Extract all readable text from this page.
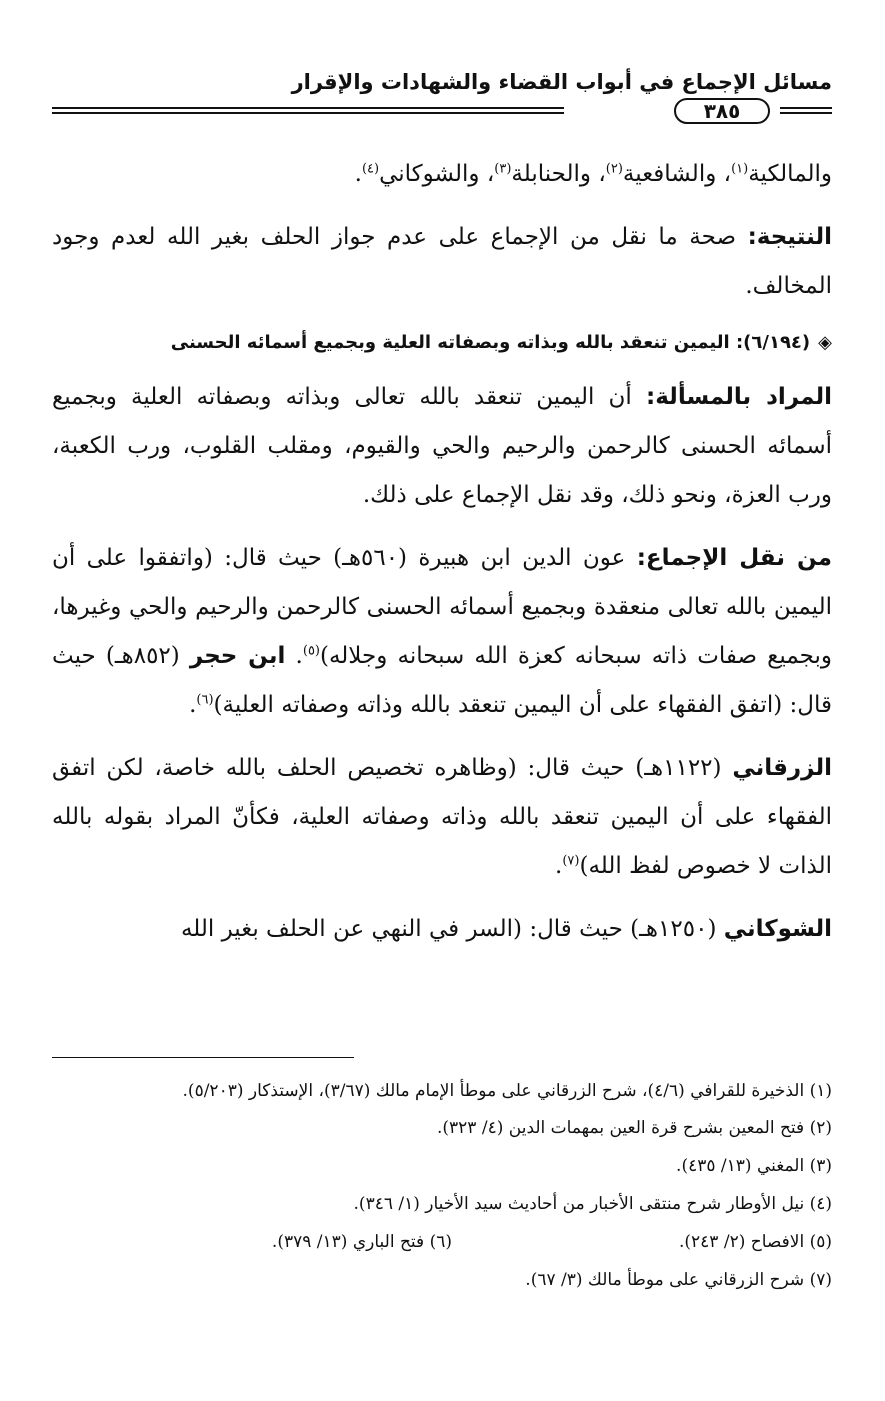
مسائل الإجماع في أبواب القضاء والشهادات والإقرار
٣٨٥

والمالكية$^{(١)}$، والشافعية$^{(٢)}$، والحنابلة$^{(٣)}$، والشوكاني$^{(٤)}$.

النتيجة: صحة ما نقل من الإجماع على عدم جواز الحلف بغير الله لعدم وجود المخالف.

◈(٦/١٩٤): اليمين تنعقد بالله وبذاته وبصفاته العلية وبجميع أسمائه الحسنى

المراد بالمسألة: أن اليمين تنعقد بالله تعالى وبذاته وبصفاته العلية وبجميع أسمائه الحسنى كالرحمن والرحيم والحي والقيوم، ومقلب القلوب، ورب الكعبة، ورب العزة، ونحو ذلك، وقد نقل الإجماع على ذلك.

من نقل الإجماع: عون الدين ابن هبيرة (٥٦٠هـ) حيث قال: (واتفقوا على أن اليمين بالله تعالى منعقدة وبجميع أسمائه الحسنى كالرحمن والرحيم والحي وغيرها، وبجميع صفات ذاته سبحانه كعزة الله سبحانه وجلاله)$^{(٥)}$. ابن حجر (٨٥٢هـ) حيث قال: (اتفق الفقهاء على أن اليمين تنعقد بالله وذاته وصفاته العلية)$^{(٦)}$.

الزرقاني (١١٢٢هـ) حيث قال: (وظاهره تخصيص الحلف بالله خاصة، لكن اتفق الفقهاء على أن اليمين تنعقد بالله وذاته وصفاته العلية، فكأنّ المراد بقوله بالله الذات لا خصوص لفظ الله)$^{(٧)}$.

الشوكاني (١٢٥٠هـ) حيث قال: (السر في النهي عن الحلف بغير الله

(١) الذخيرة للقرافي (٤/٦)، شرح الزرقاني على موطأ الإمام مالك (٣/٦٧)، الإستذكار (٥/٢٠٣).

(٢) فتح المعين بشرح قرة العين بمهمات الدين (٤/ ٣٢٣).

(٣) المغني (١٣/ ٤٣٥).

(٤) نيل الأوطار شرح منتقى الأخبار من أحاديث سيد الأخيار (١/ ٣٤٦).

(٥) الافصاح (٢/ ٢٤٣).

(٦) فتح الباري (١٣/ ٣٧٩).

(٧) شرح الزرقاني على موطأ مالك (٣/ ٦٧).
